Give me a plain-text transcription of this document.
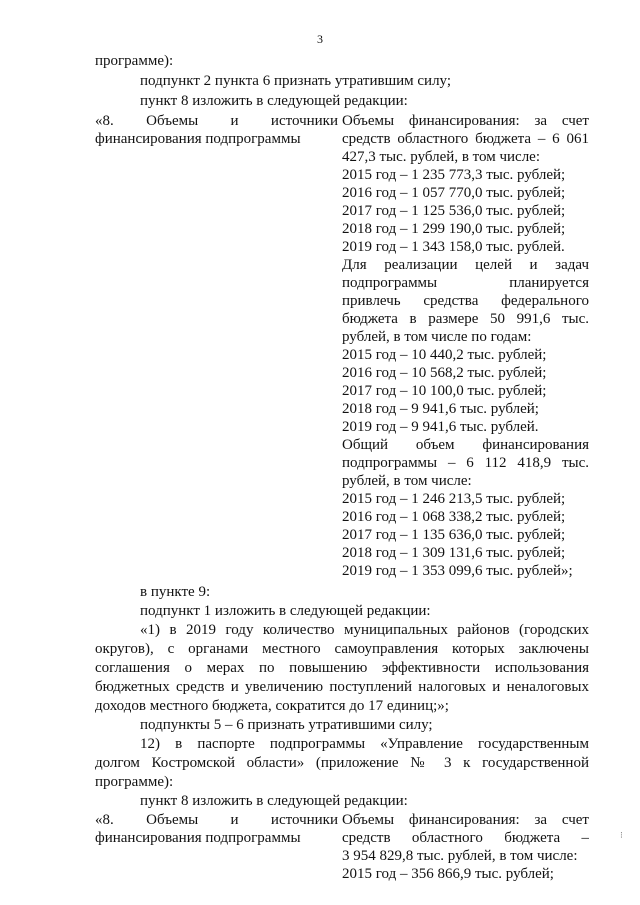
3
программе):
подпункт 2 пункта 6 признать утратившим силу;
пункт 8 изложить в следующей редакции:
«8. Объемы и источники
финансирования подпрограммы
Объемы финансирования: за счет
средств областного бюджета – 6 061
427,3 тыс. рублей, в том числе:
2015 год – 1 235 773,3 тыс. рублей;
2016 год – 1 057 770,0 тыс. рублей;
2017 год – 1 125 536,0 тыс. рублей;
2018 год – 1 299 190,0 тыс. рублей;
2019 год – 1 343 158,0 тыс. рублей.
Для реализации целей и задач
подпрограммы планируется
привлечь средства федерального
бюджета в размере 50 991,6 тыс.
рублей, в том числе по годам:
2015 год – 10 440,2 тыс. рублей;
2016 год – 10 568,2 тыс. рублей;
2017 год – 10 100,0 тыс. рублей;
2018 год – 9 941,6 тыс. рублей;
2019 год – 9 941,6 тыс. рублей.
Общий объем финансирования
подпрограммы – 6 112 418,9 тыс.
рублей, в том числе:
2015 год – 1 246 213,5 тыс. рублей;
2016 год – 1 068 338,2 тыс. рублей;
2017 год – 1 135 636,0 тыс. рублей;
2018 год – 1 309 131,6 тыс. рублей;
2019 год – 1 353 099,6 тыс. рублей»;
в пункте 9:
подпункт 1 изложить в следующей редакции:
«1) в 2019 году количество муниципальных районов (городских
округов), с органами местного самоуправления которых заключены
соглашения о мерах по повышению эффективности использования
бюджетных средств и увеличению поступлений налоговых и неналоговых
доходов местного бюджета, сократится до 17 единиц;»;
подпункты 5 – 6 признать утратившими силу;
12) в паспорте подпрограммы «Управление государственным
долгом Костромской области» (приложение № 3 к государственной
программе):
пункт 8 изложить в следующей редакции:
«8. Объемы и источники
финансирования подпрограммы
Объемы финансирования: за счет
средств областного бюджета –
3 954 829,8 тыс. рублей, в том числе:
2015 год – 356 866,9 тыс. рублей;
⁝
